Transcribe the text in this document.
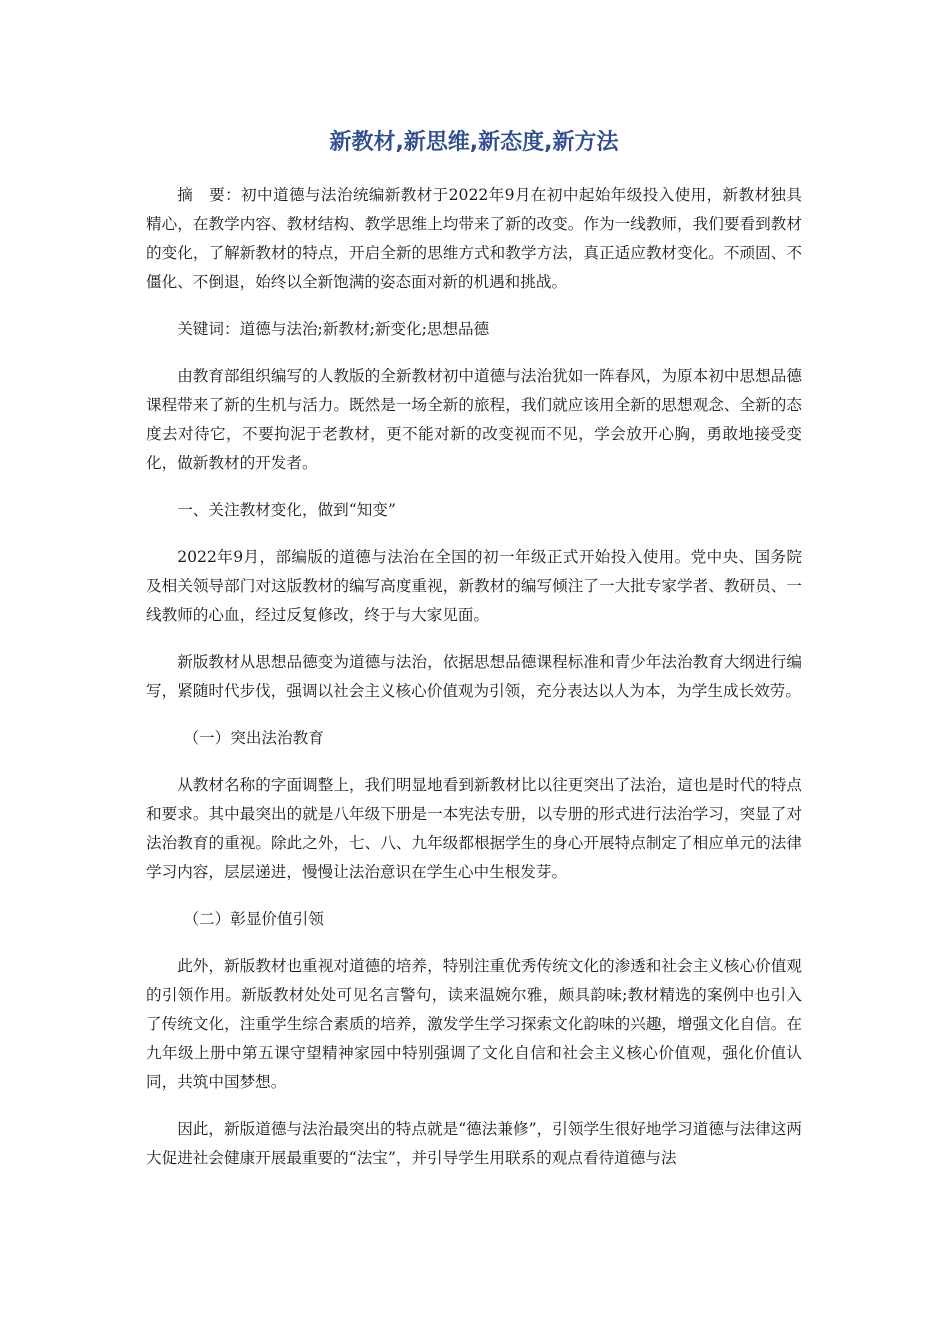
新教材,新思维,新态度,新方法

摘　要：初中道德与法治统编新教材于2022年9月在初中起始年级投入使用，新教材独具精心，在教学内容、教材结构、教学思维上均带来了新的改变。作为一线教师，我们要看到教材的变化，了解新教材的特点，开启全新的思维方式和教学方法，真正适应教材变化。不顽固、不僵化、不倒退，始终以全新饱满的姿态面对新的机遇和挑战。

关键词：道德与法治;新教材;新变化;思想品德

由教育部组织编写的人教版的全新教材初中道德与法治犹如一阵春风，为原本初中思想品德课程带来了新的生机与活力。既然是一场全新的旅程，我们就应该用全新的思想观念、全新的态度去对待它，不要拘泥于老教材，更不能对新的改变视而不见，学会放开心胸，勇敢地接受变化，做新教材的开发者。

一、关注教材变化，做到“知变”

2022年9月，部编版的道德与法治在全国的初一年级正式开始投入使用。党中央、国务院及相关领导部门对这版教材的编写高度重视，新教材的编写倾注了一大批专家学者、教研员、一线教师的心血，经过反复修改，终于与大家见面。

新版教材从思想品德变为道德与法治，依据思想品德课程标准和青少年法治教育大纲进行编写，紧随时代步伐，强调以社会主义核心价值观为引领，充分表达以人为本，为学生成长效劳。

（一）突出法治教育

从教材名称的字面调整上，我们明显地看到新教材比以往更突出了法治，這也是时代的特点和要求。其中最突出的就是八年级下册是一本宪法专册，以专册的形式进行法治学习，突显了对法治教育的重视。除此之外，七、八、九年级都根据学生的身心开展特点制定了相应单元的法律学习内容，层层递进，慢慢让法治意识在学生心中生根发芽。

（二）彰显价值引领

此外，新版教材也重视对道德的培养，特别注重优秀传统文化的渗透和社会主义核心价值观的引领作用。新版教材处处可见名言警句，读来温婉尔雅，颇具韵味;教材精选的案例中也引入了传统文化，注重学生综合素质的培养，激发学生学习探索文化韵味的兴趣，增强文化自信。在九年级上册中第五课守望精神家园中特别强调了文化自信和社会主义核心价值观，强化价值认同，共筑中国梦想。

因此，新版道德与法治最突出的特点就是“德法兼修”，引领学生很好地学习道德与法律这两大促进社会健康开展最重要的“法宝”，并引导学生用联系的观点看待道德与法
